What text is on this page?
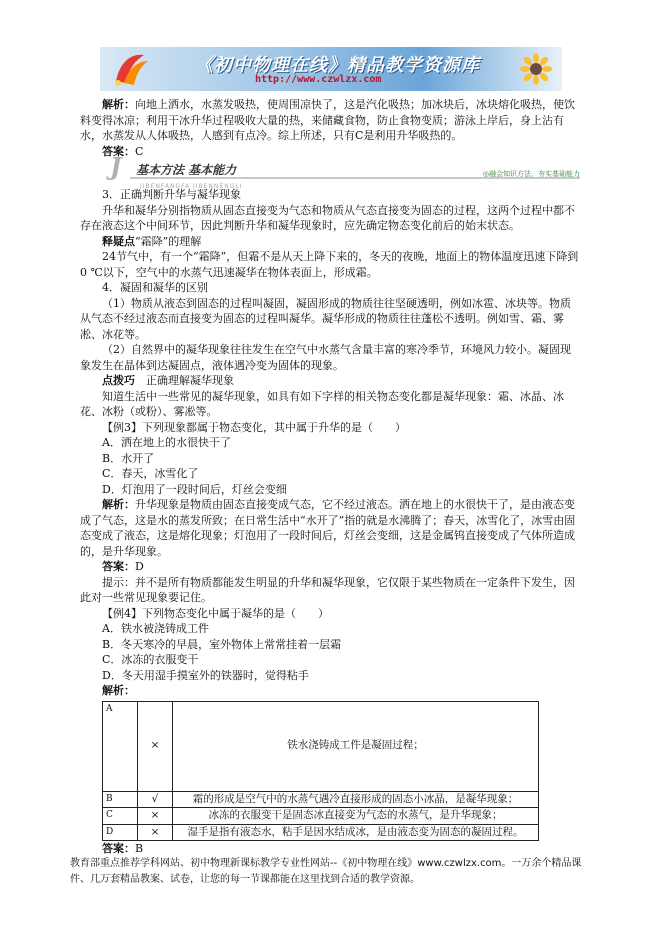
《初中物理在线》精品教学资源库
http://www.czwlzx.com

解析：向地上洒水，水蒸发吸热，使周围凉快了，这是汽化吸热；加冰块后，冰块熔化吸热，使饮料变得冰凉；利用干冰升华过程吸收大量的热，来储藏食物，防止食物变质；游泳上岸后，身上沾有水，水蒸发从人体吸热，人感到有点冷。综上所述，只有C是利用升华吸热的。

答案：C

J 基本方法 基本能力
JIBENFANGFA JIBENNENGLI
◎融会知识方法，夯实基础能力

3．正确判断升华与凝华现象

升华和凝华分别指物质从固态直接变为气态和物质从气态直接变为固态的过程，这两个过程中都不存在液态这个中间环节，因此判断升华和凝华现象时，应先确定物态变化前后的始末状态。

释疑点“霜降”的理解

24节气中，有一个“霜降”，但霜不是从天上降下来的，冬天的夜晚，地面上的物体温度迅速下降到0 ℃以下，空气中的水蒸气迅速凝华在物体表面上，形成霜。

4．凝固和凝华的区别

（1）物质从液态到固态的过程叫凝固，凝固形成的物质往往坚硬透明，例如冰雹、冰块等。物质从气态不经过液态而直接变为固态的过程叫凝华。凝华形成的物质往往蓬松不透明。例如雪、霜、雾凇、冰花等。

（2）自然界中的凝华现象往往发生在空气中水蒸气含量丰富的寒冷季节，环境风力较小。凝固现象发生在晶体到达凝固点，液体遇冷变为固体的现象。

点拨巧　 正确理解凝华现象

知道生活中一些常见的凝华现象，如具有如下字样的相关物态变化都是凝华现象：霜、冰晶、冰花、冰粉（或粉）、雾凇等。

【例3】下列现象都属于物态变化，其中属于升华的是（　　）

A．洒在地上的水很快干了

B．水开了

C．春天，冰雪化了

D．灯泡用了一段时间后，灯丝会变细

解析：升华现象是物质由固态直接变成气态，它不经过液态。洒在地上的水很快干了，是由液态变成了气态，这是水的蒸发所致；在日常生活中“水开了”指的就是水沸腾了；春天，冰雪化了，冰雪由固态变成了液态，这是熔化现象；灯泡用了一段时间后，灯丝会变细，这是金属钨直接变成了气体所造成的，是升华现象。

答案：D

提示：并不是所有物质都能发生明显的升华和凝华现象，它仅限于某些物质在一定条件下发生，因此对一些常见现象要记住。

【例4】下列物态变化中属于凝华的是（　　）

A．铁水被浇铸成工件

B．冬天寒冷的早晨，室外物体上常常挂着一层霜

C．冰冻的衣服变干

D．冬天用湿手摸室外的铁器时，觉得粘手

解析：

A	×	铁水浇铸成工件是凝固过程；
B	√	霜的形成是空气中的水蒸气遇冷直接形成的固态小冰晶，是凝华现象；
C	×	冰冻的衣服变干是固态冰直接变为气态的水蒸气，是升华现象；
D	×	湿手是指有液态水，粘手是因水结成冰，是由液态变为固态的凝固过程。

答案：B

教育部重点推荐学科网站、初中物理新课标教学专业性网站--《初中物理在线》www.czwlzx.com。一万余个精品课件、几万套精品教案、试卷，让您的每一节课都能在这里找到合适的教学资源。
